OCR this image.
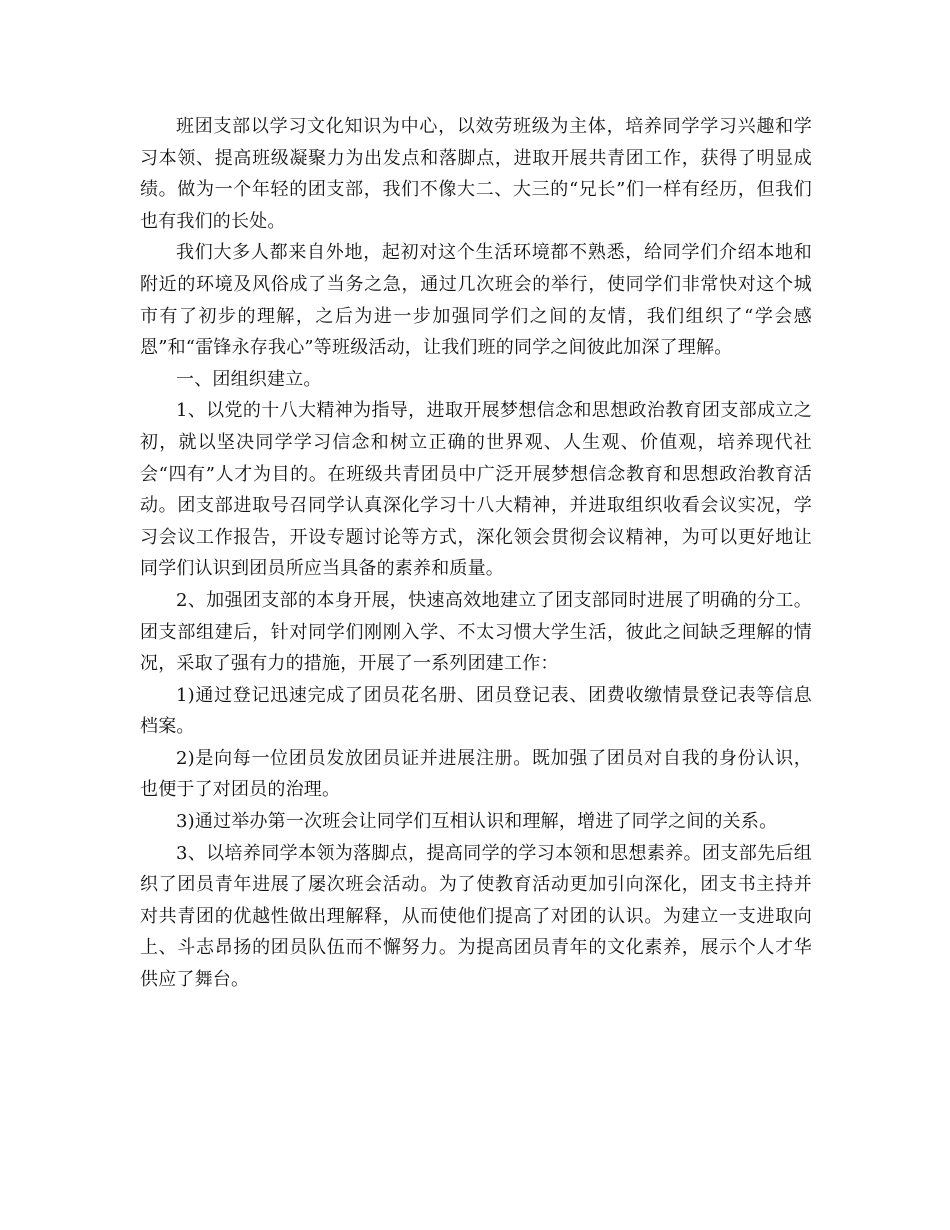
班团支部以学习文化知识为中心，以效劳班级为主体，培养同学学习兴趣和学习本领、提高班级凝聚力为出发点和落脚点，进取开展共青团工作，获得了明显成绩。做为一个年轻的团支部，我们不像大二、大三的“兄长”们一样有经历，但我们也有我们的长处。

我们大多人都来自外地，起初对这个生活环境都不熟悉，给同学们介绍本地和附近的环境及风俗成了当务之急，通过几次班会的举行，使同学们非常快对这个城市有了初步的理解，之后为进一步加强同学们之间的友情，我们组织了“学会感恩”和“雷锋永存我心”等班级活动，让我们班的同学之间彼此加深了理解。

一、团组织建立。

1、以党的十八大精神为指导，进取开展梦想信念和思想政治教育团支部成立之初，就以坚决同学学习信念和树立正确的世界观、人生观、价值观，培养现代社会“四有”人才为目的。在班级共青团员中广泛开展梦想信念教育和思想政治教育活动。团支部进取号召同学认真深化学习十八大精神，并进取组织收看会议实况，学习会议工作报告，开设专题讨论等方式，深化领会贯彻会议精神，为可以更好地让同学们认识到团员所应当具备的素养和质量。

2、加强团支部的本身开展，快速高效地建立了团支部同时进展了明确的分工。团支部组建后，针对同学们刚刚入学、不太习惯大学生活，彼此之间缺乏理解的情况，采取了强有力的措施，开展了一系列团建工作：

1)通过登记迅速完成了团员花名册、团员登记表、团费收缴情景登记表等信息档案。

2)是向每一位团员发放团员证并进展注册。既加强了团员对自我的身份认识，也便于了对团员的治理。

3)通过举办第一次班会让同学们互相认识和理解，增进了同学之间的关系。

3、以培养同学本领为落脚点，提高同学的学习本领和思想素养。团支部先后组织了团员青年进展了屡次班会活动。为了使教育活动更加引向深化，团支书主持并对共青团的优越性做出理解释，从而使他们提高了对团的认识。为建立一支进取向上、斗志昂扬的团员队伍而不懈努力。为提高团员青年的文化素养，展示个人才华供应了舞台。
